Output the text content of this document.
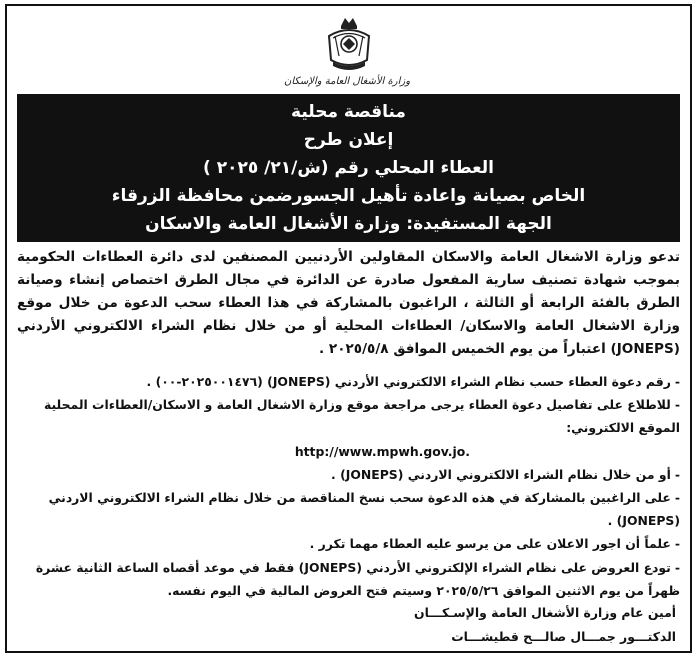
وزارة الأشغال العامة والإسكان
مناقصة محلية
إعلان طرح
العطاء المحلي رقم (ش/٢١/ ٢٠٢٥ )
الخاص بصيانة واعادة تأهيل الجسورضمن محافظة الزرقاء
الجهة المستفيدة: وزارة الأشغال العامة والاسكان
تدعو وزارة الاشغال العامة والاسكان المقاولين الأردنيين المصنفين لدى دائرة العطاءات الحكومية بموجب شهادة تصنيف سارية المفعول صادرة عن الدائرة في مجال الطرق اختصاص إنشاء وصيانة الطرق بالفئة الرابعة أو الثالثة ، الراغبون بالمشاركة في هذا العطاء سحب الدعوة من خلال موقع وزارة الاشغال العامة والاسكان/ العطاءات المحلية أو من خلال نظام الشراء الالكتروني الأردني (JONEPS) اعتباراً من يوم الخميس الموافق ٢٠٢٥/٥/٨ .
-رقم دعوة العطاء حسب نظام الشراء الالكتروني الأردني (JONEPS) (٢٠٢٥٠٠١٤٧٦-٠٠) .
-للاطلاع على تفاصيل دعوة العطاء يرجى مراجعة موقع وزارة الاشغال العامة و الاسكان/العطاءات المحلية الموقع الالكتروني:
http://www.mpwh.gov.jo.
-أو من خلال نظام الشراء الالكتروني الاردني (JONEPS) .
-على الراغبين بالمشاركة في هذه الدعوة سحب نسخ المناقصة من خلال نظام الشراء الالكتروني الاردني (JONEPS) .
-علماً أن اجور الاعلان على من يرسو عليه العطاء مهما تكرر .
-تودع العروض على نظام الشراء الإلكتروني الأردني (JONEPS) فقط في موعد أقصاه الساعة الثانية عشرة ظهراً من يوم الاثنين الموافق ٢٠٢٥/٥/٢٦ وسيتم فتح العروض المالية في اليوم نفسه.
أمين عام وزارة الأشغال العامة والإسـكـــان
الدكتـــور جمـــال صالـــح قطيشـــات
